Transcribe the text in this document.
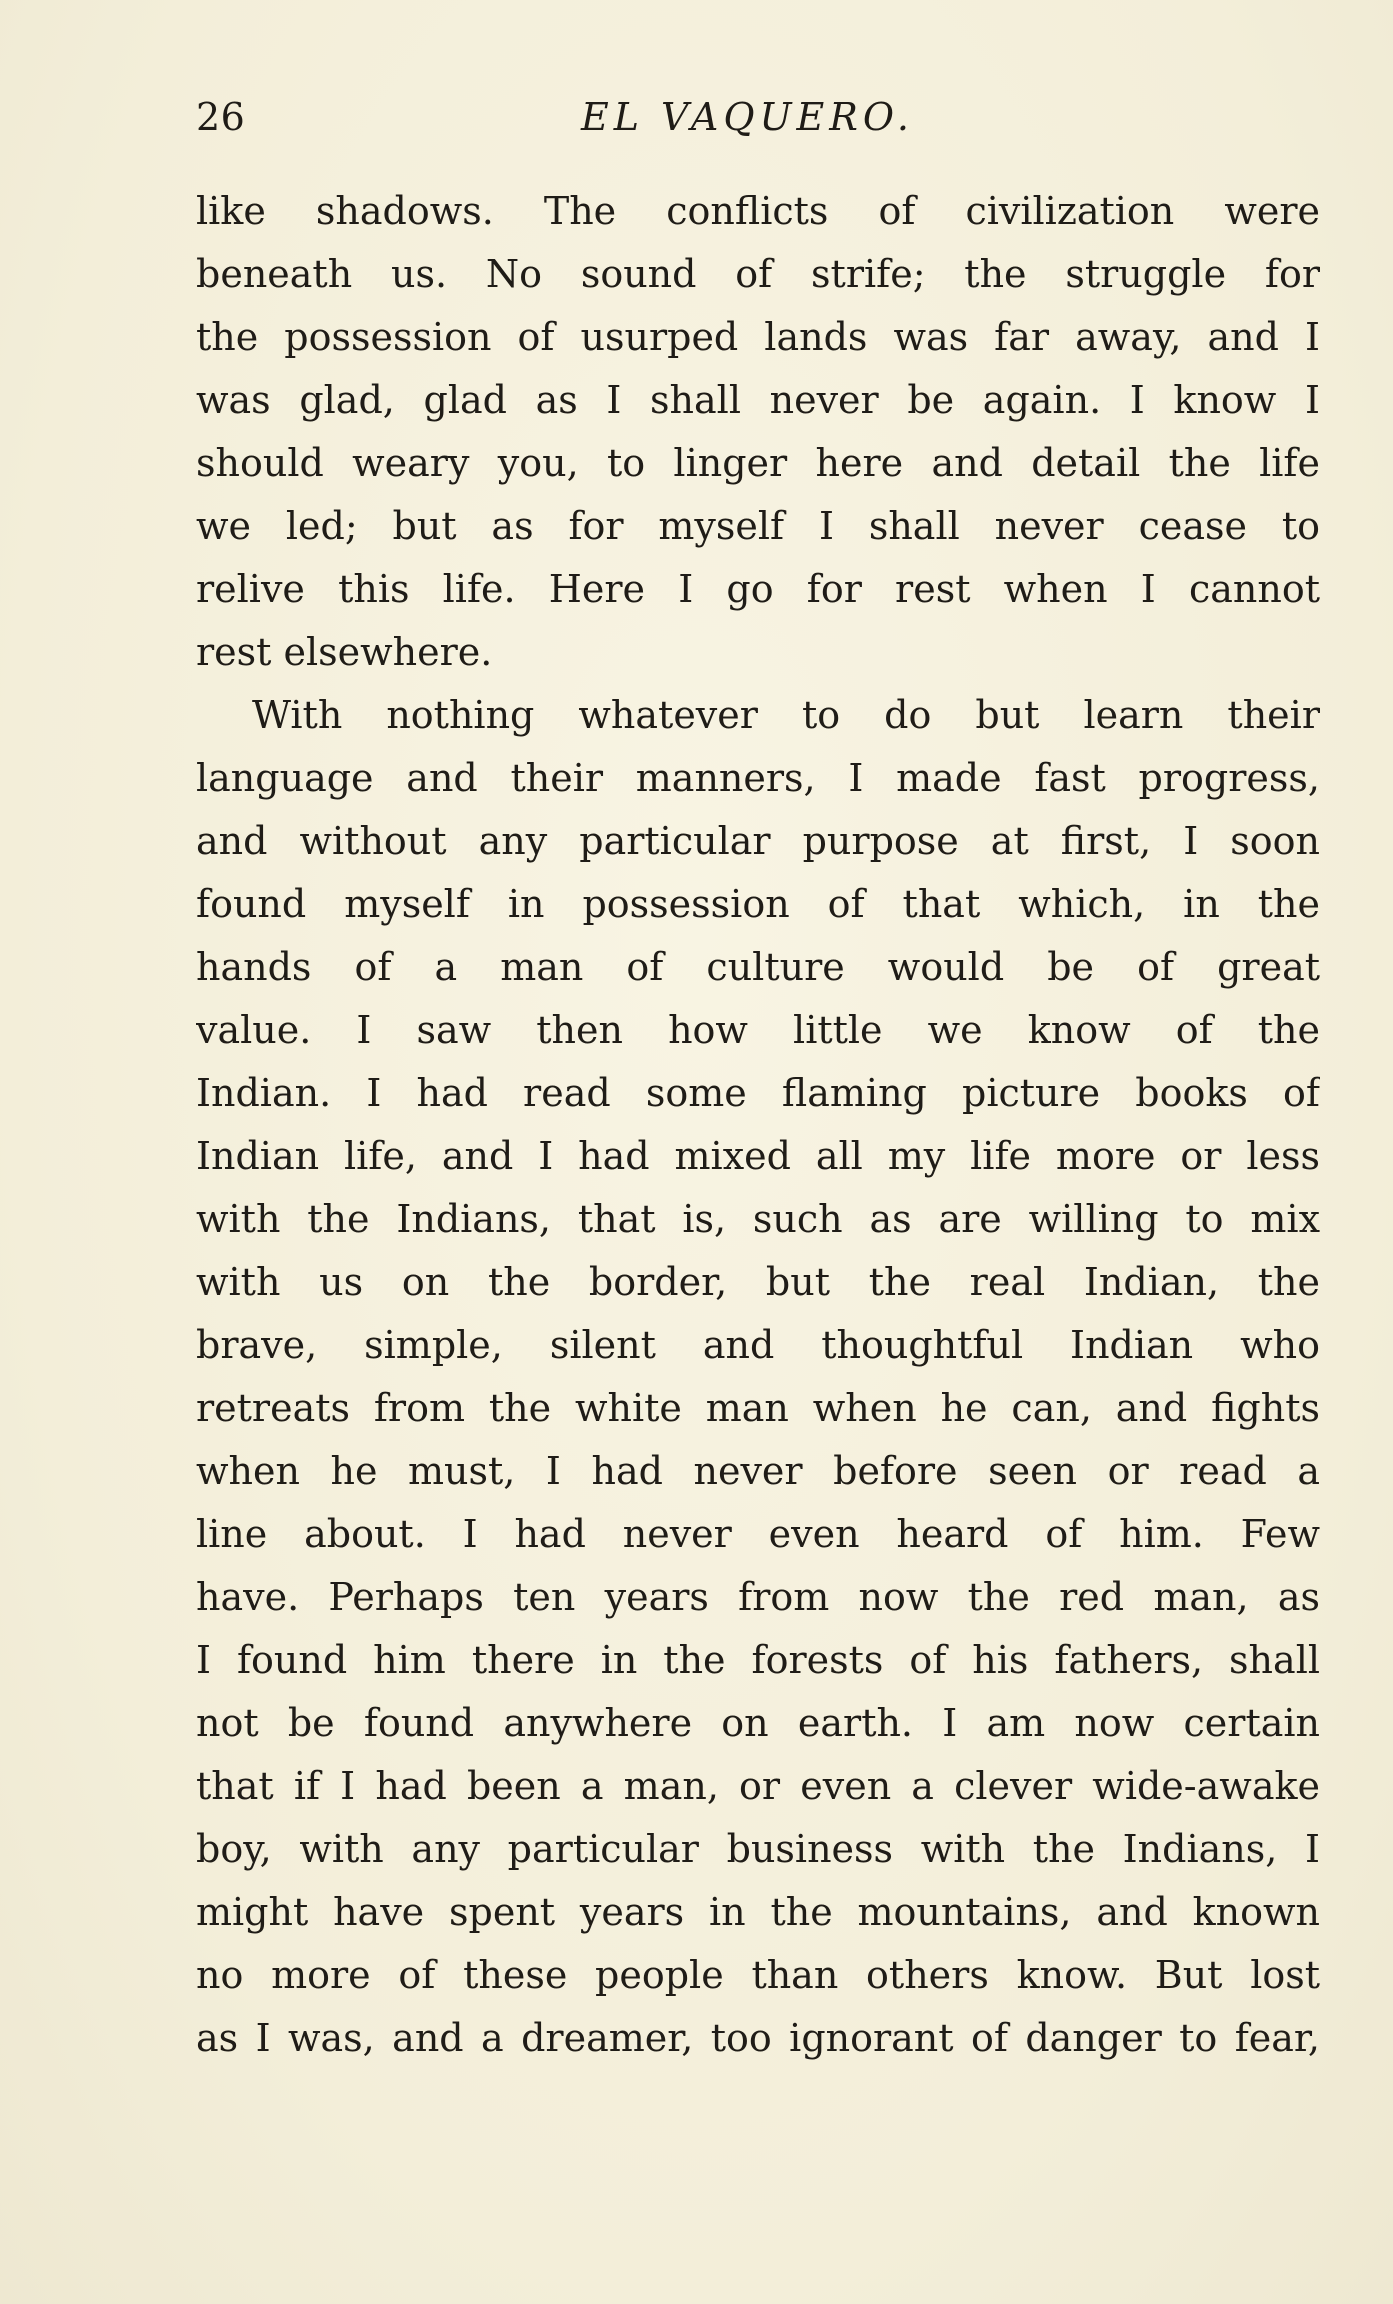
26	EL VAQUERO.
like shadows. The conflicts of civilization were
beneath us. No sound of strife; the struggle for
the possession of usurped lands was far away, and I
was glad, glad as I shall never be again. I know I
should weary you, to linger here and detail the life
we led; but as for myself I shall never cease to
relive this life. Here I go for rest when I cannot
rest elsewhere.
With nothing whatever to do but learn their
language and their manners, I made fast progress,
and without any particular purpose at first, I soon
found myself in possession of that which, in the
hands of a man of culture would be of great
value. I saw then how little we know of the
Indian. I had read some flaming picture books of
Indian life, and I had mixed all my life more or less
with the Indians, that is, such as are willing to mix
with us on the border, but the real Indian, the
brave, simple, silent and thoughtful Indian who
retreats from the white man when he can, and fights
when he must, I had never before seen or read a
line about. I had never even heard of him. Few
have. Perhaps ten years from now the red man, as
I found him there in the forests of his fathers, shall
not be found anywhere on earth. I am now certain
that if I had been a man, or even a clever wide-awake
boy, with any particular business with the Indians, I
might have spent years in the mountains, and known
no more of these people than others know. But lost
as I was, and a dreamer, too ignorant of danger to fear,
